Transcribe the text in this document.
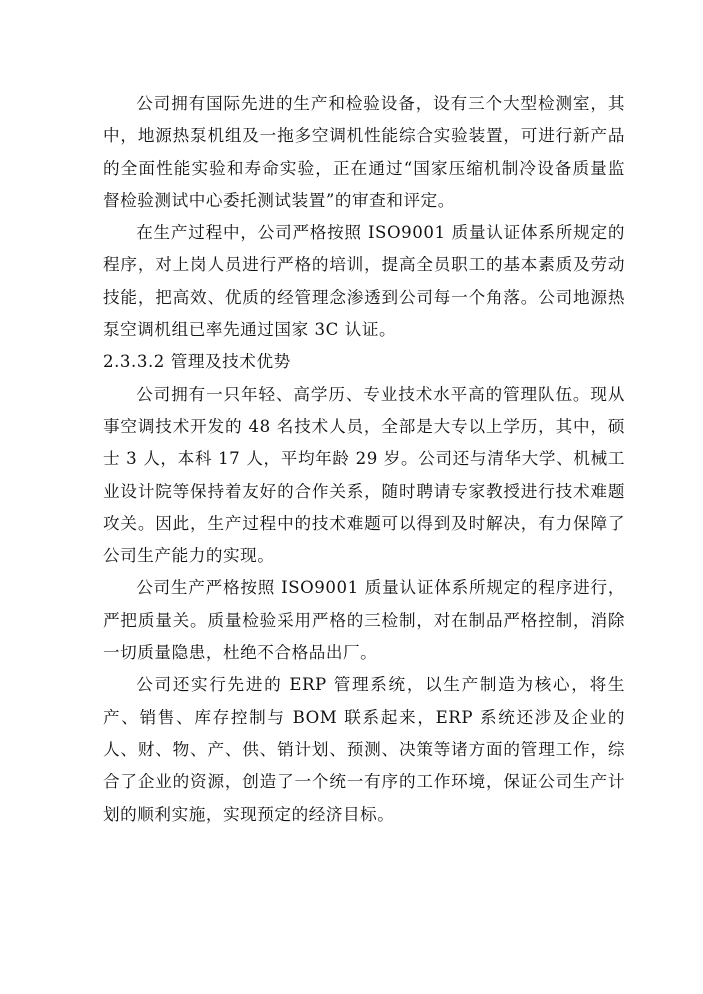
公司拥有国际先进的生产和检验设备，设有三个大型检测室，其中，地源热泵机组及一拖多空调机性能综合实验装置，可进行新产品的全面性能实验和寿命实验，正在通过“国家压缩机制冷设备质量监督检验测试中心委托测试装置”的审查和评定。

在生产过程中，公司严格按照 ISO9001 质量认证体系所规定的程序，对上岗人员进行严格的培训，提高全员职工的基本素质及劳动技能，把高效、优质的经管理念渗透到公司每一个角落。公司地源热泵空调机组已率先通过国家 3C 认证。

2.3.3.2 管理及技术优势

公司拥有一只年轻、高学历、专业技术水平高的管理队伍。现从事空调技术开发的 48 名技术人员，全部是大专以上学历，其中，硕士 3 人，本科 17 人，平均年龄 29 岁。公司还与清华大学、机械工业设计院等保持着友好的合作关系，随时聘请专家教授进行技术难题攻关。因此，生产过程中的技术难题可以得到及时解决，有力保障了公司生产能力的实现。

公司生产严格按照 ISO9001 质量认证体系所规定的程序进行，严把质量关。质量检验采用严格的三检制，对在制品严格控制，消除一切质量隐患，杜绝不合格品出厂。

公司还实行先进的 ERP 管理系统，以生产制造为核心，将生产、销售、库存控制与 BOM 联系起来，ERP 系统还涉及企业的人、财、物、产、供、销计划、预测、决策等诸方面的管理工作，综合了企业的资源，创造了一个统一有序的工作环境，保证公司生产计划的顺利实施，实现预定的经济目标。
